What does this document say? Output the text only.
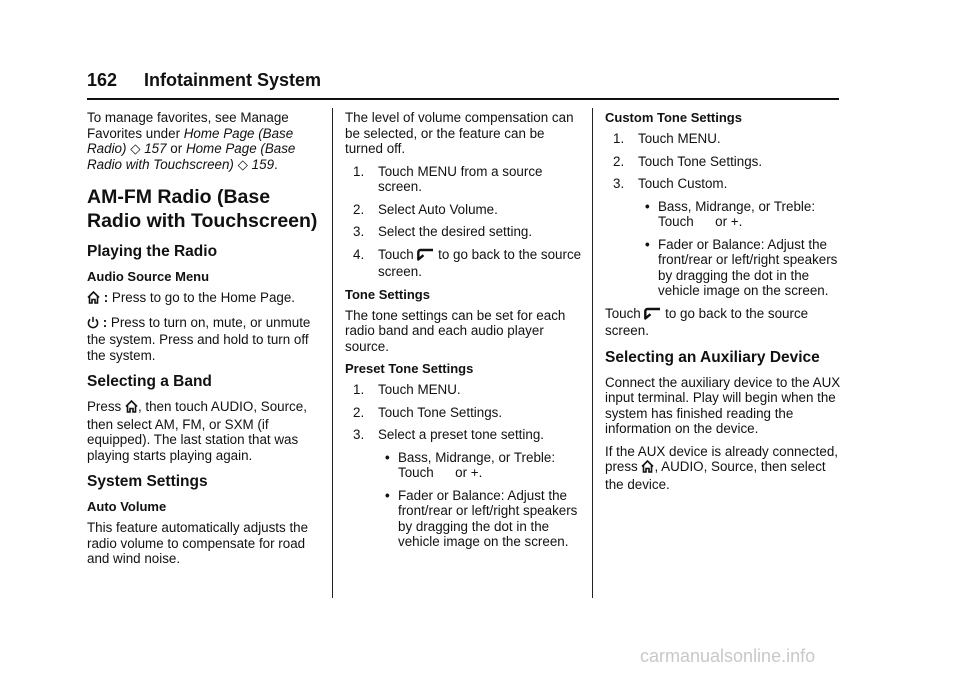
162 Infotainment System

To manage favorites, see Manage Favorites under Home Page (Base Radio) ◇ 157 or Home Page (Base Radio with Touchscreen) ◇ 159.

AM-FM Radio (Base Radio with Touchscreen)
Playing the Radio
Audio Source Menu

: Press to go to the Home Page.

: Press to turn on, mute, or unmute the system. Press and hold to turn off the system.

Selecting a Band

Press , then touch AUDIO, Source, then select AM, FM, or SXM (if equipped). The last station that was playing starts playing again.

System Settings
Auto Volume

This feature automatically adjusts the radio volume to compensate for road and wind noise.

The level of volume compensation can be selected, or the feature can be turned off.

1. Touch MENU from a source screen.
2. Select Auto Volume.
3. Select the desired setting.
4. Touch  to go back to the source screen.
Tone Settings

The tone settings can be set for each radio band and each audio player source.

Preset Tone Settings
1. Touch MENU.
2. Touch Tone Settings.
3. Select a preset tone setting.
• Bass, Midrange, or Treble: Touch  or +.
• Fader or Balance: Adjust the front/rear or left/right speakers by dragging the dot in the vehicle image on the screen.
Custom Tone Settings
1. Touch MENU.
2. Touch Tone Settings.
3. Touch Custom.
• Bass, Midrange, or Treble: Touch  or +.
• Fader or Balance: Adjust the front/rear or left/right speakers by dragging the dot in the vehicle image on the screen.

Touch  to go back to the source screen.

Selecting an Auxiliary Device

Connect the auxiliary device to the AUX input terminal. Play will begin when the system has finished reading the information on the device.

If the AUX device is already connected, press , AUDIO, Source, then select the device.

carmanualsonline.info
